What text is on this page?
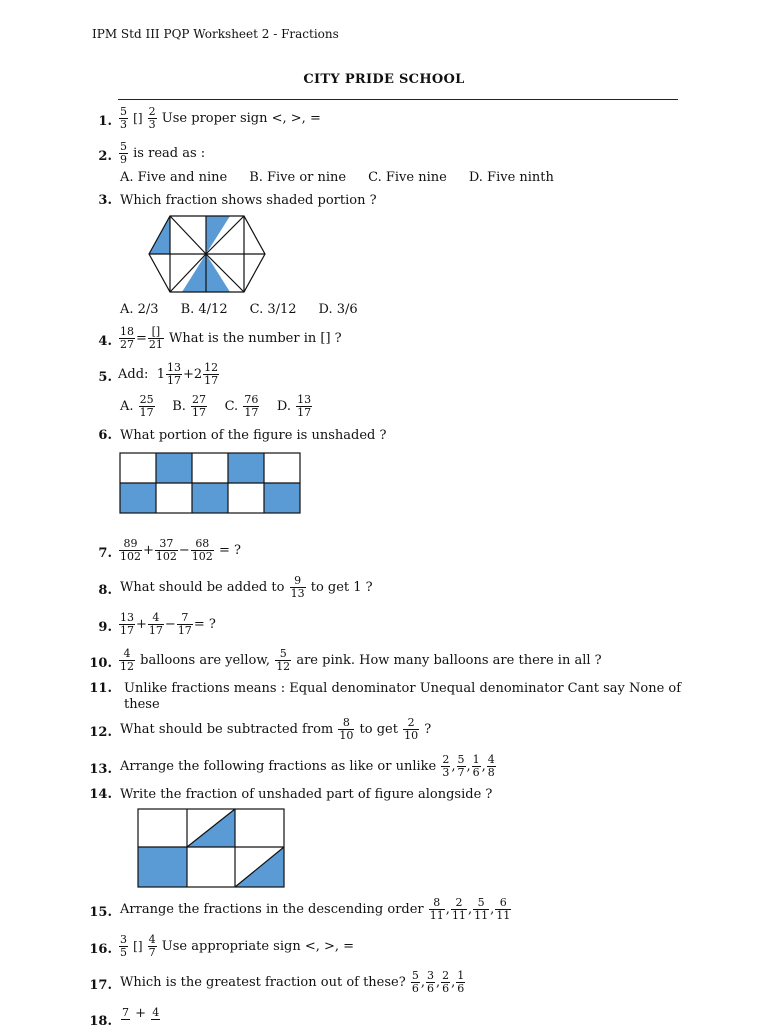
IPM Std III PQP Worksheet 2 - Fractions
CITY PRIDE SCHOOL
1. $\frac{5}{3}$ [] $\frac{2}{3}$ Use proper sign <, >, =
2. $\frac{5}{9}$ is read as :
A. Five and nine B. Five or nine C. Five nine D. Five ninth
3. Which fraction shows shaded portion ?
A. 2/3 B. 4/12 C. 3/12 D. 3/6
4. $\frac{18}{27} = \frac{[]}{21}$ What is the number in [] ?
5. Add: $1 \frac{13}{17} +2 \frac{12}{17}$
A. $\frac{25}{17} B$. $\frac{27}{17} C$. $\frac{76}{17} D$. $\frac{13}{17}$
6. What portion of the figure is unshaded ?
7. $\frac{89}{102} + \frac{37}{102} - \frac{68}{102}$ = ?
8. What should be added to $\frac{9}{13}$ to get 1 ?
9. $\frac{13}{17} + \frac{4}{17} - \frac{7}{17}$ = ?
10. $\frac{4}{12}$ balloons are yellow, $\frac{5}{12}$ are pink. How many balloons are there in all ?
11. Unlike fractions means : Equal denominator Unequal denominator Cant say None of these
12. What should be subtracted from $\frac{8}{10}$ to get $\frac{2}{10}$ ?
13. Arrange the following fractions as like or unlike $\frac{2}{3}$ , $\frac{5}{7}$ , $\frac{1}{6}$ , $\frac{4}{8}$
14. Write the fraction of unshaded part of figure alongside ?
15. Arrange the fractions in the descending order $\frac{8}{11}$ , $\frac{2}{11}$ , $\frac{5}{11}$ , $\frac{6}{11}$
16. $\frac{3}{5}$ [] $\frac{4}{7}$ Use appropriate sign <, >, =
17. Which is the greatest fraction out of these? $\frac{5}{6}$ , $\frac{3}{6}$ , $\frac{2}{6}$ , $\frac{1}{6}$
18.
7 + 4
